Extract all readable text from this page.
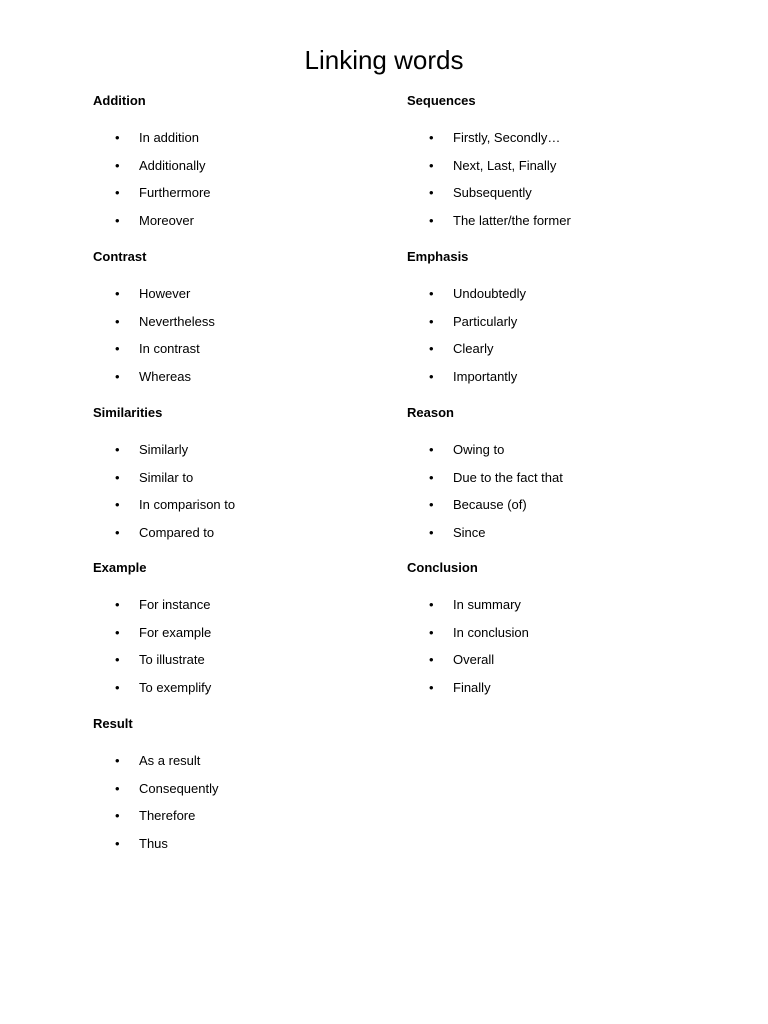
Linking words
Addition
• In addition
• Additionally
• Furthermore
• Moreover
Sequences
• Firstly, Secondly…
• Next, Last, Finally
• Subsequently
• The latter/the former
Contrast
• However
• Nevertheless
• In contrast
• Whereas
Emphasis
• Undoubtedly
• Particularly
• Clearly
• Importantly
Similarities
• Similarly
• Similar to
• In comparison to
• Compared to
Reason
• Owing to
• Due to the fact that
• Because (of)
• Since
Example
• For instance
• For example
• To illustrate
• To exemplify
Conclusion
• In summary
• In conclusion
• Overall
• Finally
Result
• As a result
• Consequently
• Therefore
• Thus
